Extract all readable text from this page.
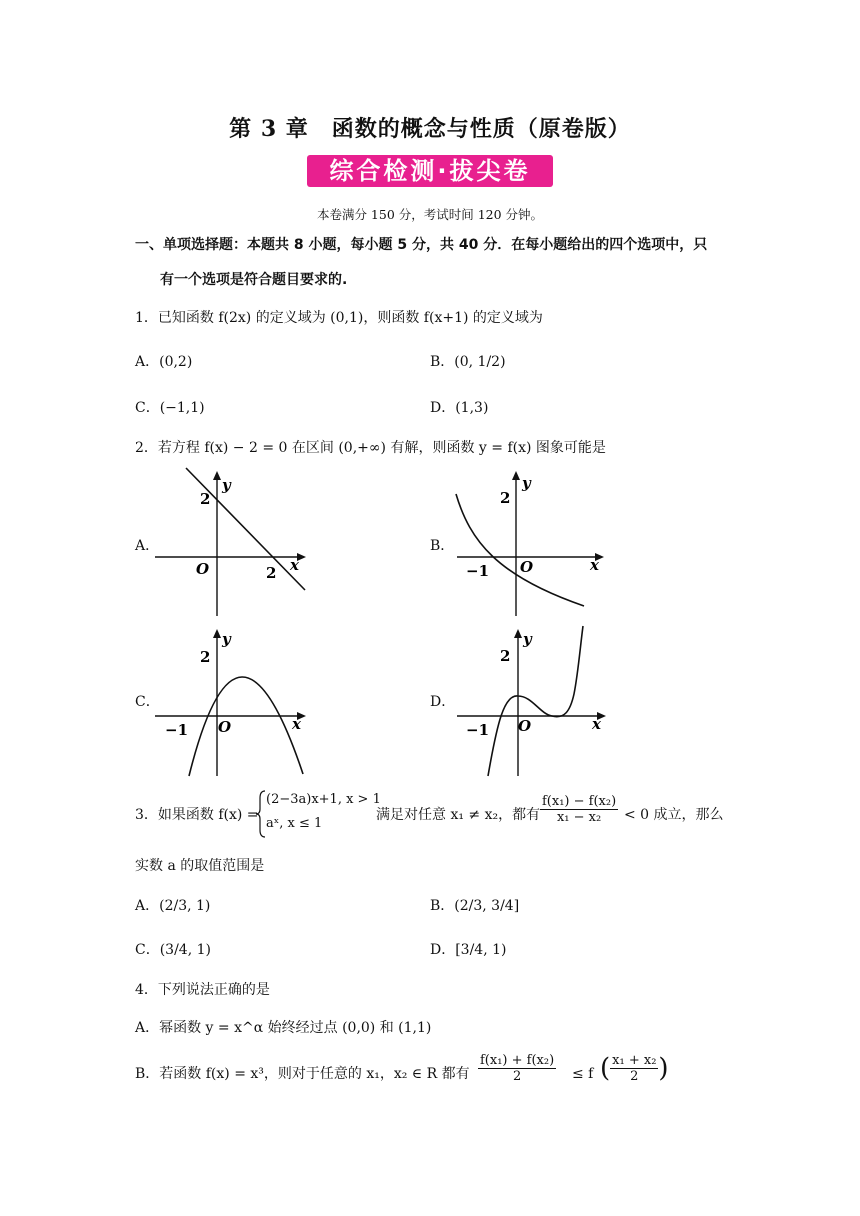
第 3 章　函数的概念与性质（原卷版）
综合检测·拔尖卷
本卷满分 150 分，考试时间 120 分钟。
一、单项选择题：本题共 8 小题，每小题 5 分，共 40 分．在每小题给出的四个选项中，只
有一个选项是符合题目要求的.
1．已知函数 f(2x) 的定义域为 (0,1)，则函数 f(x+1) 的定义域为
A．(0,2)	B．(0, 1/2)
C．(−1,1)	D．(1,3)
2．若方程 f(x) − 2 = 0 在区间 (0,+∞) 有解，则函数 y = f(x) 图象可能是
A．	B．
C．	D．
y
2
O	2 x
y
2
−1 O	x
y
2
−1 O	x
y
2
−1 O	x
3．如果函数 f(x) =
(2−3a)x+1, x > 1
aˣ, x ≤ 1
满足对任意 x₁ ≠ x₂，都有 $\frac{\text{f(x₁) − f(x₂)}}{\text{x₁ − x₂}} < 0$ 成立，那么
实数 a 的取值范围是
A．(2/3, 1)	B．(2/3, 3/4]
C．(3/4, 1)	D．[3/4, 1)
4．下列说法正确的是
A．幂函数 y = x^α 始终经过点 (0,0) 和 (1,1)
B．若函数 f(x) = x³，则对于任意的 x₁，x₂ ∈ R 都有 $\frac{\text{f(x₁) + f(x₂)}}{2} \le f$ ( $\frac{\text{x₁ + x₂}}{2}$ )
